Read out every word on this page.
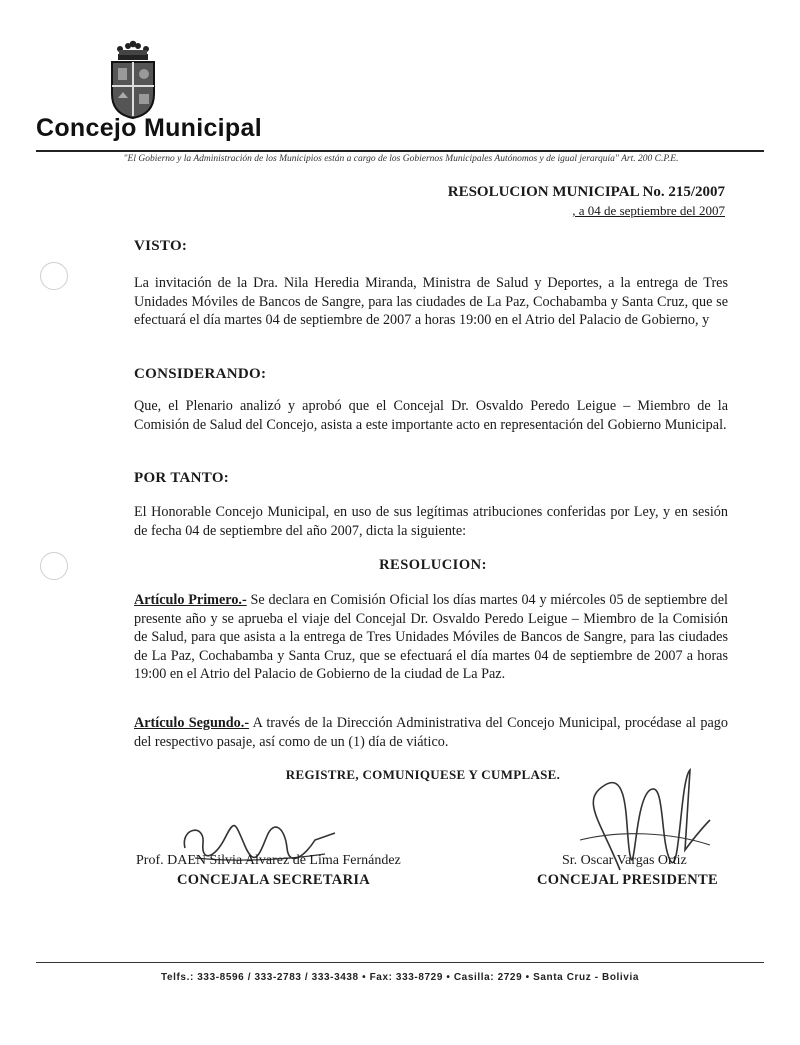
Concejo Municipal
"El Gobierno y la Administración de los Municipios están a cargo de los Gobiernos Municipales Autónomos y de igual jerarquía" Art. 200 C.P.E.
RESOLUCION MUNICIPAL No. 215/2007
, a 04 de septiembre del 2007
VISTO:
La invitación de la Dra. Nila Heredia Miranda, Ministra de Salud y Deportes, a la entrega de Tres Unidades Móviles de Bancos de Sangre, para las ciudades de La Paz, Cochabamba y Santa Cruz, que se efectuará el día martes 04 de septiembre de 2007 a horas 19:00 en el Atrio del Palacio de Gobierno, y
CONSIDERANDO:
Que, el Plenario analizó y aprobó que el Concejal Dr. Osvaldo Peredo Leigue – Miembro de la Comisión de Salud del Concejo, asista a este importante acto en representación del Gobierno Municipal.
POR TANTO:
El Honorable Concejo Municipal, en uso de sus legítimas atribuciones conferidas por Ley, y en sesión de fecha 04 de septiembre del año 2007, dicta la siguiente:
RESOLUCION:
Artículo Primero.- Se declara en Comisión Oficial los días martes 04 y miércoles 05 de septiembre del presente año y se aprueba el viaje del Concejal Dr. Osvaldo Peredo Leigue – Miembro de la Comisión de Salud, para que asista a la entrega de Tres Unidades Móviles de Bancos de Sangre, para las ciudades de La Paz, Cochabamba y Santa Cruz, que se efectuará el día martes 04 de septiembre de 2007 a horas 19:00 en el Atrio del Palacio de Gobierno de la ciudad de La Paz.
Artículo Segundo.- A través de la Dirección Administrativa del Concejo Municipal, procédase al pago del respectivo pasaje, así como de un (1) día de viático.
REGISTRE, COMUNIQUESE Y CUMPLASE.
Prof. DAEN Silvia Alvarez de Lima Fernández
CONCEJALA SECRETARIA
Sr. Oscar Vargas Ortiz
CONCEJAL PRESIDENTE
Telfs.: 333-8596 / 333-2783 / 333-3438 • Fax: 333-8729 • Casilla: 2729 • Santa Cruz - Bolivia
